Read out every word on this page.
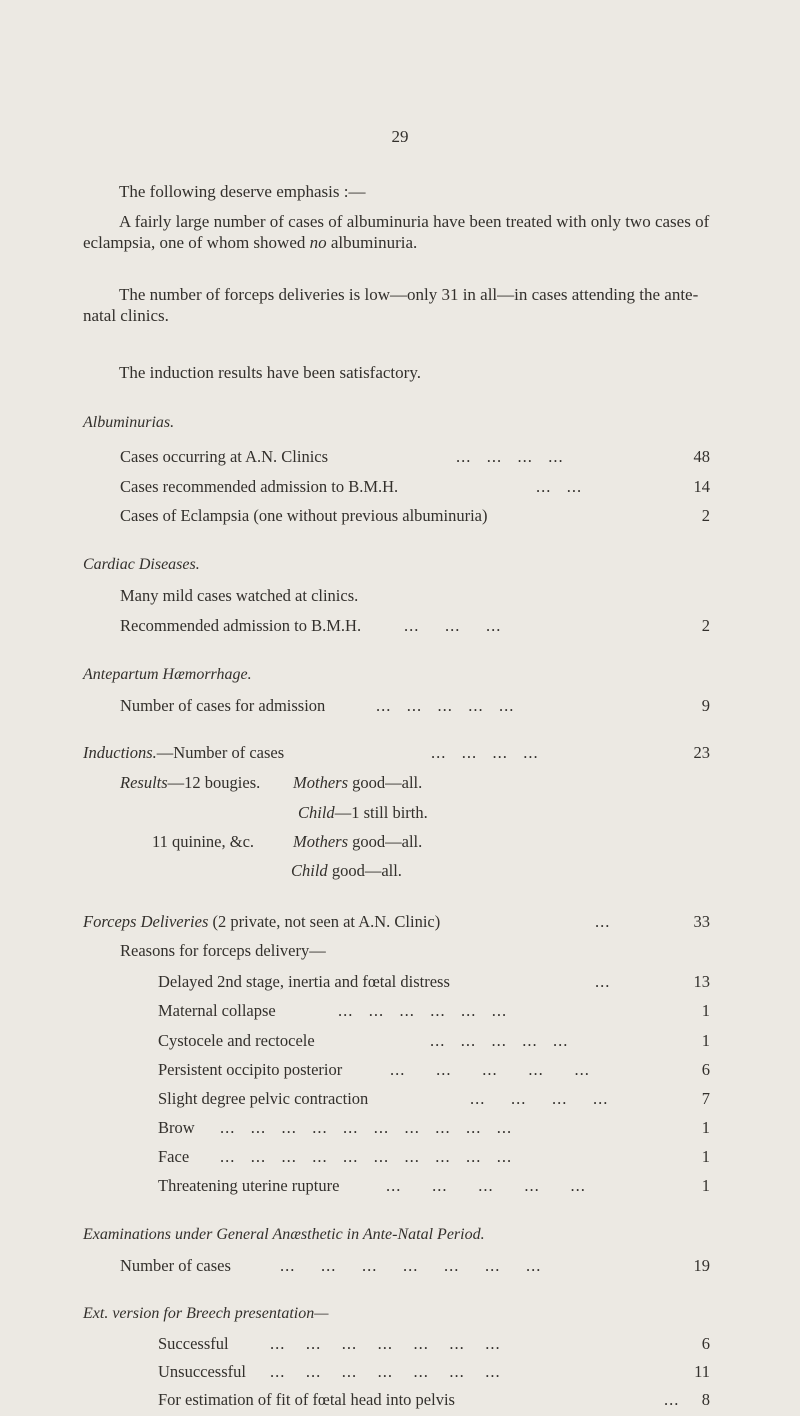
29
The following deserve emphasis :—
A fairly large number of cases of albuminuria have been treated with only two cases of eclampsia, one of whom showed no albuminuria.
The number of forceps deliveries is low—only 31 in all—in cases attending the ante-natal clinics.
The induction results have been satisfactory.
Albuminurias.
Cases occurring at A.N. Clinics	...   ...   ...   ...	48
Cases recommended admission to B.M.H.	...   ...	14
Cases of Eclampsia (one without previous albuminuria)	2
Cardiac Diseases.
Many mild cases watched at clinics.
Recommended admission to B.M.H.	...     ...     ...	2
Antepartum Hæmorrhage.
Number of cases for admission	...   ...   ...   ...   ...	9
Inductions.—Number of cases	...   ...   ...   ...	23
Results—12 bougies. Mothers good—all.
Child—1 still birth.
11 quinine, &c. Mothers good—all.
Child good—all.
Forceps Deliveries (2 private, not seen at A.N. Clinic)	...	33
Reasons for forceps delivery—
Delayed 2nd stage, inertia and fœtal distress	...	13
Maternal collapse	...   ...   ...   ...   ...   ...	1
Cystocele and rectocele	...   ...   ...   ...   ...	1
Persistent occipito posterior	...      ...      ...      ...      ...	6
Slight degree pelvic contraction	...     ...     ...     ...	7
Brow ...   ...   ...   ...   ...   ...   ...   ...   ...   ...	1
Face ...   ...   ...   ...   ...   ...   ...   ...   ...   ...	1
Threatening uterine rupture	...      ...      ...      ...      ...	1
Examinations under General Anæsthetic in Ante-Natal Period.
Number of cases	...     ...     ...     ...     ...     ...     ...	19
Ext. version for Breech presentation—
Successful	...    ...    ...    ...    ...    ...    ...	6
Unsuccessful ...    ...    ...    ...    ...    ...    ...	11
For estimation of fit of fœtal head into pelvis	...	8
